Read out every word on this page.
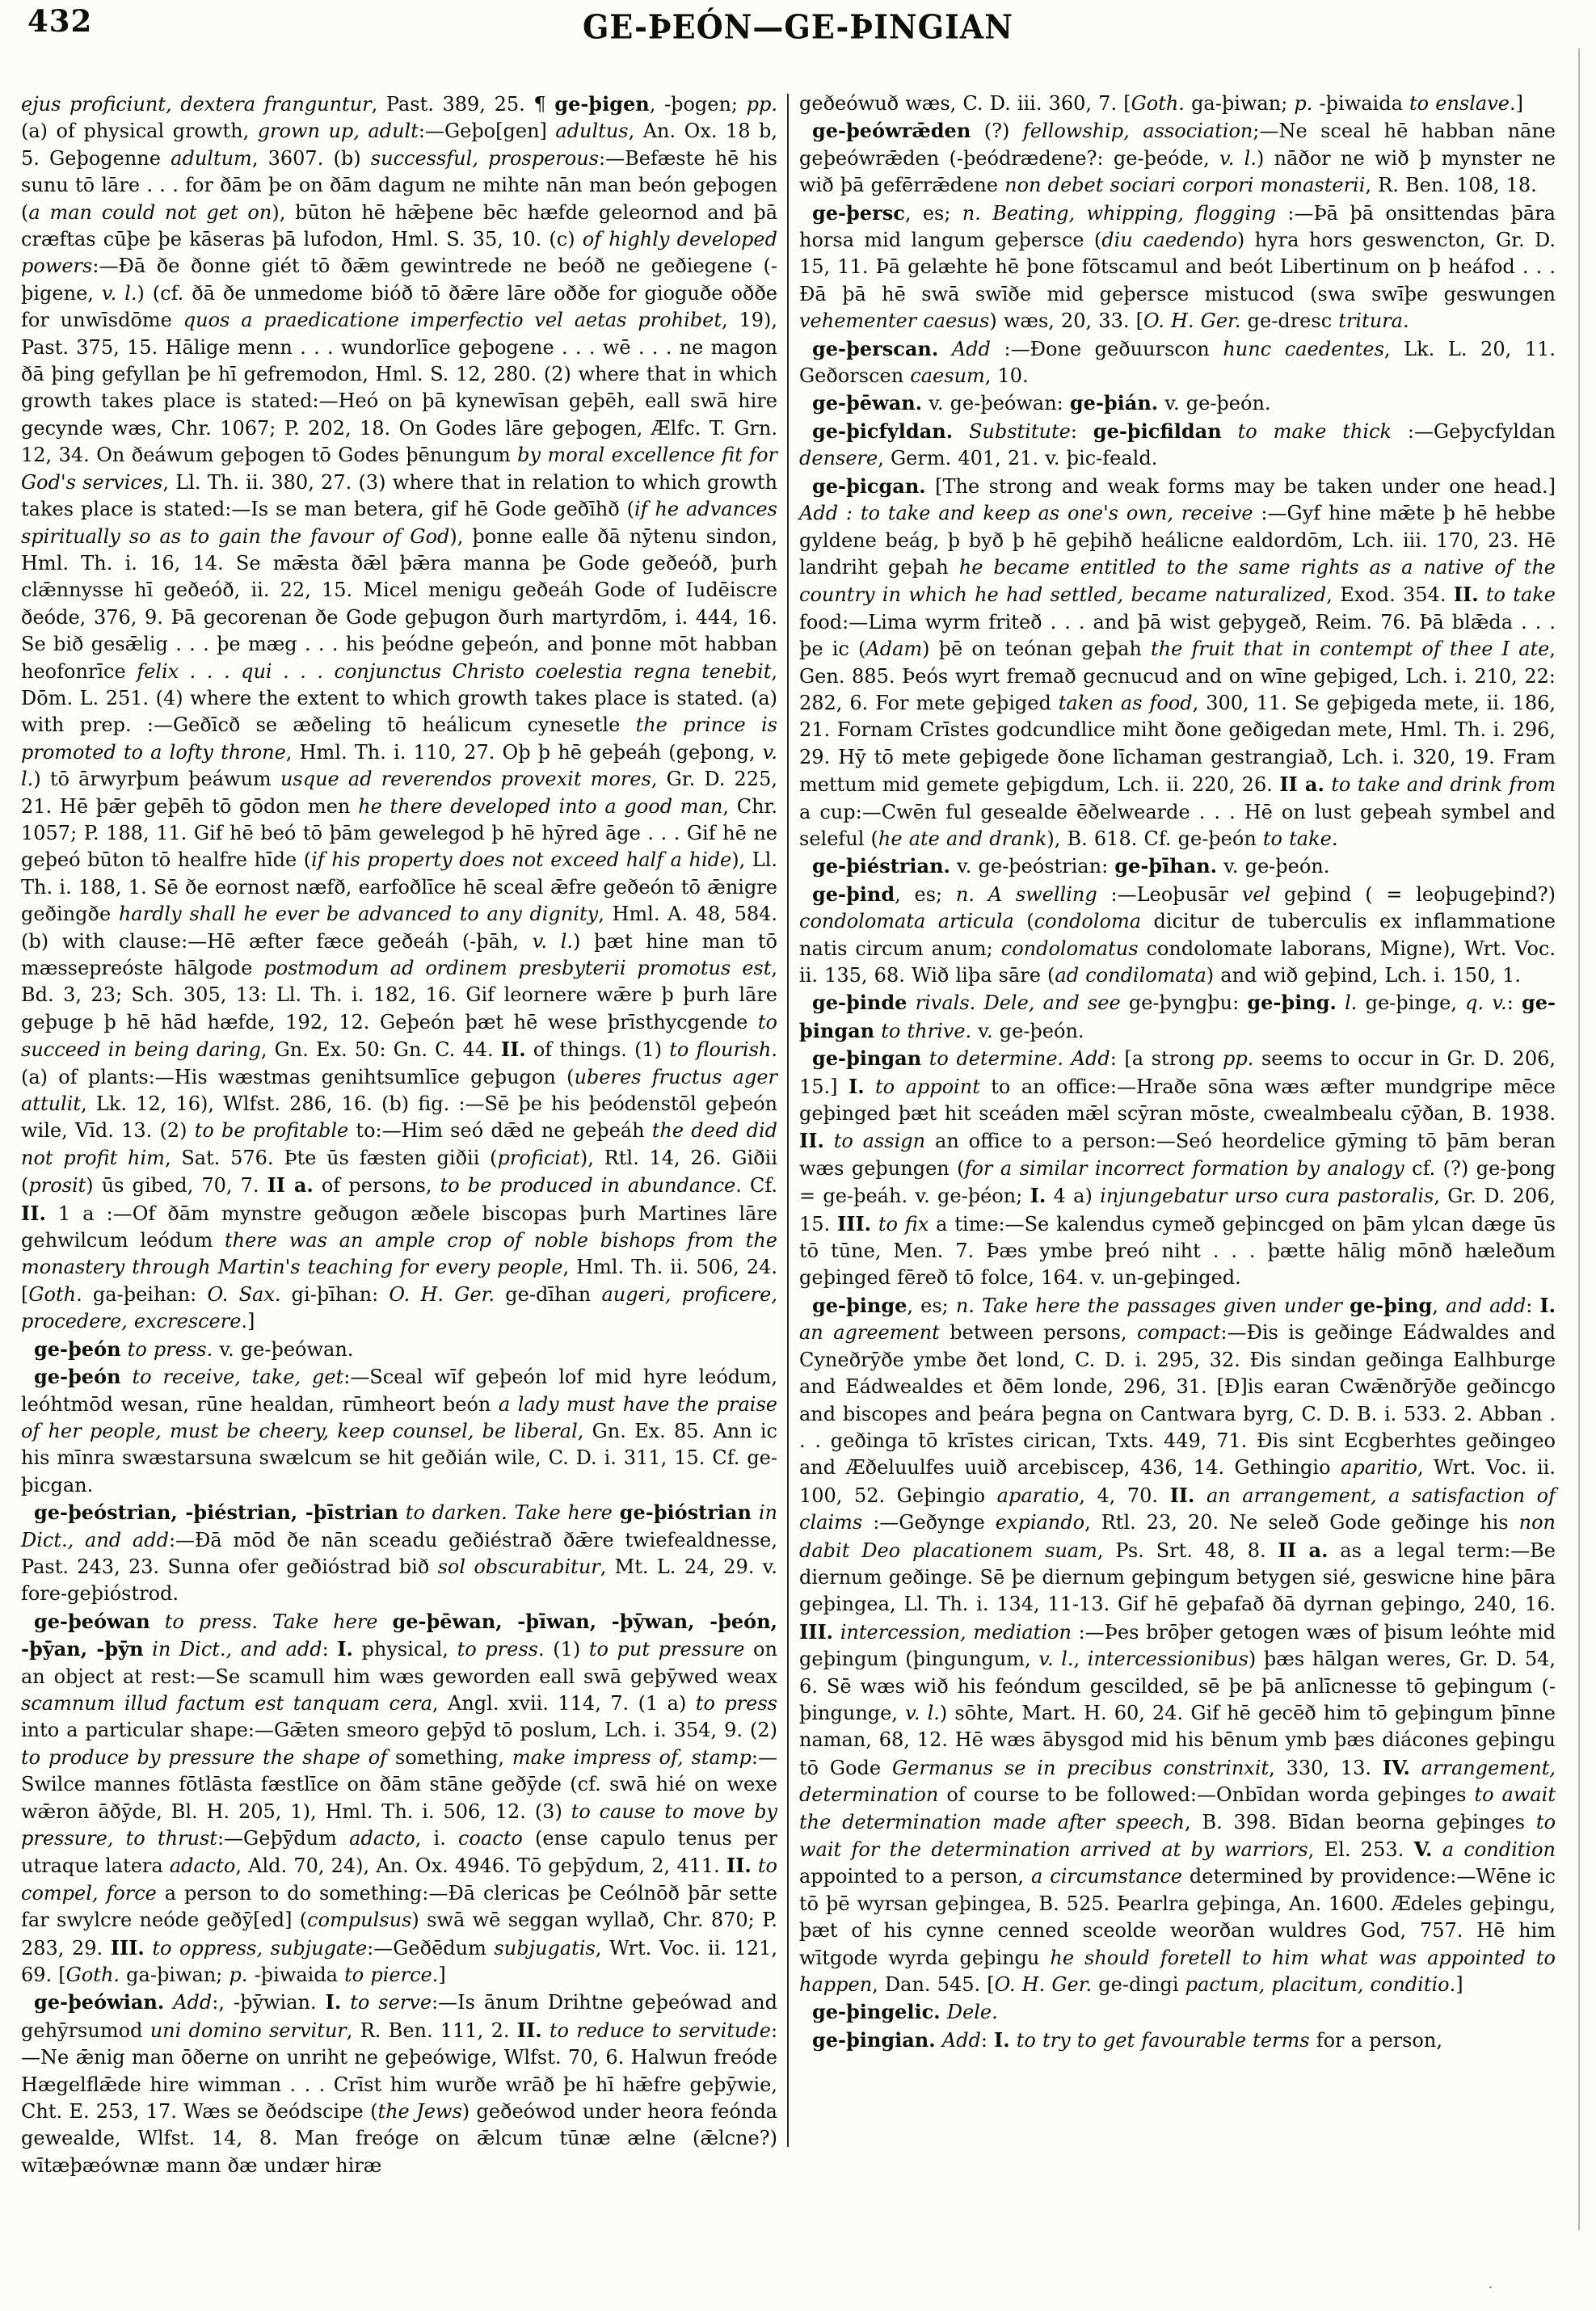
432	GE-ÞEÓN—GE-ÞINGIAN

ejus proficiunt, dextera franguntur, Past. 389, 25. ¶ ge-þigen, -þogen; pp. (a) of physical growth, grown up, adult:—Geþo[gen] adultus, An. Ox. 18 b, 5. Geþogenne adultum, 3607. (b) successful, prosperous:—Befæste hē his sunu tō lāre . . . for ðām þe on ðām dagum ne mihte nān man beón geþogen (a man could not get on), būton hē hǣþene bēc hæfde geleornod and þā cræftas cūþe þe kāseras þā lufodon, Hml. S. 35, 10. (c) of highly developed powers:—Ðā ðe ðonne giét tō ðǣm gewintrede ne beóð ne geðiegene (-þigene, v. l.) (cf. ðā ðe unmedome bióð tō ðǣre lāre oððe for gioguðe oððe for unwīsdōme quos a praedicatione imperfectio vel aetas prohibet, 19), Past. 375, 15. Hālige menn . . . wundorlīce geþogene . . . wē . . . ne magon ðā þing gefyllan þe hī gefremodon, Hml. S. 12, 280. (2) where that in which growth takes place is stated:—Heó on þā kynewīsan geþēh, eall swā hire gecynde wæs, Chr. 1067; P. 202, 18. On Godes lāre geþogen, Ælfc. T. Grn. 12, 34. On ðeáwum geþogen tō Godes þēnungum by moral excellence fit for God's services, Ll. Th. ii. 380, 27. (3) where that in relation to which growth takes place is stated:—Is se man betera, gif hē Gode geðīhð (if he advances spiritually so as to gain the favour of God), þonne ealle ðā nȳtenu sindon, Hml. Th. i. 16, 14. Se mǣsta ðǣl þǣra manna þe Gode geðeóð, þurh clǣnnysse hī geðeóð, ii. 22, 15. Micel menigu geðeáh Gode of Iudēiscre ðeóde, 376, 9. Þā gecorenan ðe Gode geþugon ðurh martyrdōm, i. 444, 16. Se bið gesǣlig . . . þe mæg . . . his þeódne geþeón, and þonne mōt habban heofonrīce felix . . . qui . . . conjunctus Christo coelestia regna tenebit, Dōm. L. 251. (4) where the extent to which growth takes place is stated. (a) with prep. :—Geðīcð se æðeling tō heálicum cynesetle the prince is promoted to a lofty throne, Hml. Th. i. 110, 27. Oþ þ hē geþeáh (geþong, v. l.) tō ārwyrþum þeáwum usque ad reverendos provexit mores, Gr. D. 225, 21. Hē þǣr geþēh tō gōdon men he there developed into a good man, Chr. 1057; P. 188, 11. Gif hē beó tō þām gewelegod þ hē hȳred āge . . . Gif hē ne geþeó būton tō healfre hīde (if his property does not exceed half a hide), Ll. Th. i. 188, 1. Sē ðe eornost næfð, earfoðlīce hē sceal ǣfre geðeón tō ǣnigre geðingðe hardly shall he ever be advanced to any dignity, Hml. A. 48, 584. (b) with clause:—Hē æfter fæce geðeáh (-þāh, v. l.) þæt hine man tō mæssepreóste hālgode postmodum ad ordinem presbyterii promotus est, Bd. 3, 23; Sch. 305, 13: Ll. Th. i. 182, 16. Gif leornere wǣre þ þurh lāre geþuge þ hē hād hæfde, 192, 12. Geþeón þæt hē wese þrīsthycgende to succeed in being daring, Gn. Ex. 50: Gn. C. 44. II. of things. (1) to flourish. (a) of plants:—His wæstmas genihtsumlīce geþugon (uberes fructus ager attulit, Lk. 12, 16), Wlfst. 286, 16. (b) fig. :—Sē þe his þeódenstōl geþeón wile, Vīd. 13. (2) to be profitable to:—Him seó dǣd ne geþeáh the deed did not profit him, Sat. 576. Þte ūs fæsten giðii (proficiat), Rtl. 14, 26. Giðii (prosit) ūs gibed, 70, 7. II a. of persons, to be produced in abundance. Cf. II. 1 a :—Of ðām mynstre geðugon æðele biscopas þurh Martines lāre gehwilcum leódum there was an ample crop of noble bishops from the monastery through Martin's teaching for every people, Hml. Th. ii. 506, 24. [Goth. ga-þeihan: O. Sax. gi-þīhan: O. H. Ger. ge-dīhan augeri, proficere, procedere, excrescere.]

ge-þeón to press. v. ge-þeówan.

ge-þeón to receive, take, get:—Sceal wīf geþeón lof mid hyre leódum, leóhtmōd wesan, rūne healdan, rūmheort beón a lady must have the praise of her people, must be cheery, keep counsel, be liberal, Gn. Ex. 85. Ann ic his mīnra swæstarsuna swælcum se hit geðián wile, C. D. i. 311, 15. Cf. ge-þicgan.

ge-þeóstrian, -þiéstrian, -þīstrian to darken. Take here ge-þióstrian in Dict., and add:—Ðā mōd ðe nān sceadu geðiéstrað ðǣre twiefealdnesse, Past. 243, 23. Sunna ofer geðióstrad bið sol obscurabitur, Mt. L. 24, 29. v. fore-geþióstrod.

ge-þeówan to press. Take here ge-þēwan, -þīwan, -þȳwan, -þeón, -þȳan, -þȳn in Dict., and add: I. physical, to press. (1) to put pressure on an object at rest:—Se scamull him wæs geworden eall swā geþȳwed weax scamnum illud factum est tanquam cera, Angl. xvii. 114, 7. (1 a) to press into a particular shape:—Gǣten smeoro geþȳd tō poslum, Lch. i. 354, 9. (2) to produce by pressure the shape of something, make impress of, stamp:—Swilce mannes fōtlāsta fæstlīce on ðām stāne geðȳde (cf. swā hié on wexe wǣron āðȳde, Bl. H. 205, 1), Hml. Th. i. 506, 12. (3) to cause to move by pressure, to thrust:—Geþȳdum adacto, i. coacto (ense capulo tenus per utraque latera adacto, Ald. 70, 24), An. Ox. 4946. Tō geþȳdum, 2, 411. II. to compel, force a person to do something:—Ðā clericas þe Ceólnōð þār sette far swylcre neóde geðȳ[ed] (compulsus) swā wē seggan wyllað, Chr. 870; P. 283, 29. III. to oppress, subjugate:—Geðēdum subjugatis, Wrt. Voc. ii. 121, 69. [Goth. ga-þiwan; p. -þiwaida to pierce.]

ge-þeówian. Add:, -þȳwian. I. to serve:—Is ānum Drihtne geþeówad and gehȳrsumod uni domino servitur, R. Ben. 111, 2. II. to reduce to servitude:—Ne ǣnig man ōðerne on unriht ne geþeówige, Wlfst. 70, 6. Halwun freóde Hægelflǣde hire wimman . . . Crīst him wurðe wrāð þe hī hǣfre geþȳwie, Cht. E. 253, 17. Wæs se ðeódscipe (the Jews) geðeówod under heora feónda gewealde, Wlfst. 14, 8. Man freóge on ǣlcum tūnæ ælne (ǣlcne?) wītæþæównæ mann ðæ undær hiræ

geðeówuð wæs, C. D. iii. 360, 7. [Goth. ga-þiwan; p. -þiwaida to enslave.]

ge-þeówrǣden (?) fellowship, association;—Ne sceal hē habban nāne geþeówrǣden (-þeódrædene?: ge-þeóde, v. l.) nāðor ne wið þ mynster ne wið þā gefērrǣdene non debet sociari corpori monasterii, R. Ben. 108, 18.

ge-þersc, es; n. Beating, whipping, flogging :—Þā þā onsittendas þāra horsa mid langum geþersce (diu caedendo) hyra hors geswencton, Gr. D. 15, 11. Þā gelæhte hē þone fōtscamul and beót Libertinum on þ heáfod . . . Ðā þā hē swā swīðe mid geþersce mistucod (swa swīþe geswungen vehementer caesus) wæs, 20, 33. [O. H. Ger. ge-dresc tritura.

ge-þerscan. Add :—Ðone geðuurscon hunc caedentes, Lk. L. 20, 11. Geðorscen caesum, 10.

ge-þēwan. v. ge-þeówan: ge-þián. v. ge-þeón.

ge-þicfyldan. Substitute: ge-þicfildan to make thick :—Geþycfyldan densere, Germ. 401, 21. v. þic-feald.

ge-þicgan. [The strong and weak forms may be taken under one head.] Add : to take and keep as one's own, receive :—Gyf hine mǣte þ hē hebbe gyldene beág, þ byð þ hē geþihð heálicne ealdordōm, Lch. iii. 170, 23. Hē landriht geþah he became entitled to the same rights as a native of the country in which he had settled, became naturalized, Exod. 354. II. to take food:—Lima wyrm friteð . . . and þā wist geþygeð, Reim. 76. Þā blǣda . . . þe ic (Adam) þē on teónan geþah the fruit that in contempt of thee I ate, Gen. 885. Þeós wyrt fremað gecnucud and on wīne geþiged, Lch. i. 210, 22: 282, 6. For mete geþiged taken as food, 300, 11. Se geþigeda mete, ii. 186, 21. Fornam Crīstes godcundlice miht ðone geðigedan mete, Hml. Th. i. 296, 29. Hȳ tō mete geþigede ðone līchaman gestrangiað, Lch. i. 320, 19. Fram mettum mid gemete geþigdum, Lch. ii. 220, 26. II a. to take and drink from a cup:—Cwēn ful gesealde ēðelwearde . . . Hē on lust geþeah symbel and seleful (he ate and drank), B. 618. Cf. ge-þeón to take.

ge-þiéstrian. v. ge-þeóstrian: ge-þīhan. v. ge-þeón.

ge-þind, es; n. A swelling :—Leoþusār vel geþind ( = leoþugeþind?) condolomata articula (condoloma dicitur de tuberculis ex inflammatione natis circum anum; condolomatus condolomate laborans, Migne), Wrt. Voc. ii. 135, 68. Wið liþa sāre (ad condilomata) and wið geþind, Lch. i. 150, 1.

ge-þinde rivals. Dele, and see ge-þyngþu: ge-þing. l. ge-þinge, q. v.: ge-þingan to thrive. v. ge-þeón.

ge-þingan to determine. Add: [a strong pp. seems to occur in Gr. D. 206, 15.] I. to appoint to an office:—Hraðe sōna wæs æfter mundgripe mēce geþinged þæt hit sceáden mǣl scȳran mōste, cwealmbealu cȳðan, B. 1938. II. to assign an office to a person:—Seó heordelice gȳming tō þām beran wæs geþungen (for a similar incorrect formation by analogy cf. (?) ge-þong = ge-þeáh. v. ge-þéon; I. 4 a) injungebatur urso cura pastoralis, Gr. D. 206, 15. III. to fix a time:—Se kalendus cymeð geþincged on þām ylcan dæge ūs tō tūne, Men. 7. Þæs ymbe þreó niht . . . þætte hālig mōnð hæleðum geþinged fēreð tō folce, 164. v. un-geþinged.

ge-þinge, es; n. Take here the passages given under ge-þing, and add: I. an agreement between persons, compact:—Ðis is geðinge Eádwaldes and Cyneðrȳðe ymbe ðet lond, C. D. i. 295, 32. Ðis sindan geðinga Ealhburge and Eádwealdes et ðēm londe, 296, 31. [Ð]is earan Cwǣnðrȳðe geðincgo and biscopes and þeára þegna on Cantwara byrg, C. D. B. i. 533. 2. Abban . . . geðinga tō krīstes cirican, Txts. 449, 71. Ðis sint Ecgberhtes geðingeo and Æðeluulfes uuið arcebiscep, 436, 14. Gethingio aparitio, Wrt. Voc. ii. 100, 52. Geþingio aparatio, 4, 70. II. an arrangement, a satisfaction of claims :—Geðynge expiando, Rtl. 23, 20. Ne seleð Gode geðinge his non dabit Deo placationem suam, Ps. Srt. 48, 8. II a. as a legal term:—Be diernum geðinge. Sē þe diernum geþingum betygen sié, geswicne hine þāra geþingea, Ll. Th. i. 134, 11-13. Gif hē geþafað ðā dyrnan geþingo, 240, 16. III. intercession, mediation :—Þes brōþer getogen wæs of þisum leóhte mid geþingum (þingungum, v. l., intercessionibus) þæs hālgan weres, Gr. D. 54, 6. Sē wæs wið his feóndum gescilded, sē þe þā anlīcnesse tō geþingum (-þingunge, v. l.) sōhte, Mart. H. 60, 24. Gif hē gecēð him tō geþingum þīnne naman, 68, 12. Hē wæs ābysgod mid his bēnum ymb þæs diácones geþingu tō Gode Germanus se in precibus constrinxit, 330, 13. IV. arrangement, determination of course to be followed:—Onbīdan worda geþinges to await the determination made after speech, B. 398. Bīdan beorna geþinges to wait for the determination arrived at by warriors, El. 253. V. a condition appointed to a person, a circumstance determined by providence:—Wēne ic tō þē wyrsan geþingea, B. 525. Þearlra geþinga, An. 1600. Ædeles geþingu, þæt of his cynne cenned sceolde weorðan wuldres God, 757. Hē him wītgode wyrda geþingu he should foretell to him what was appointed to happen, Dan. 545. [O. H. Ger. ge-dingi pactum, placitum, conditio.]

ge-þingelic. Dele.

ge-þingian. Add: I. to try to get favourable terms for a person,

·
